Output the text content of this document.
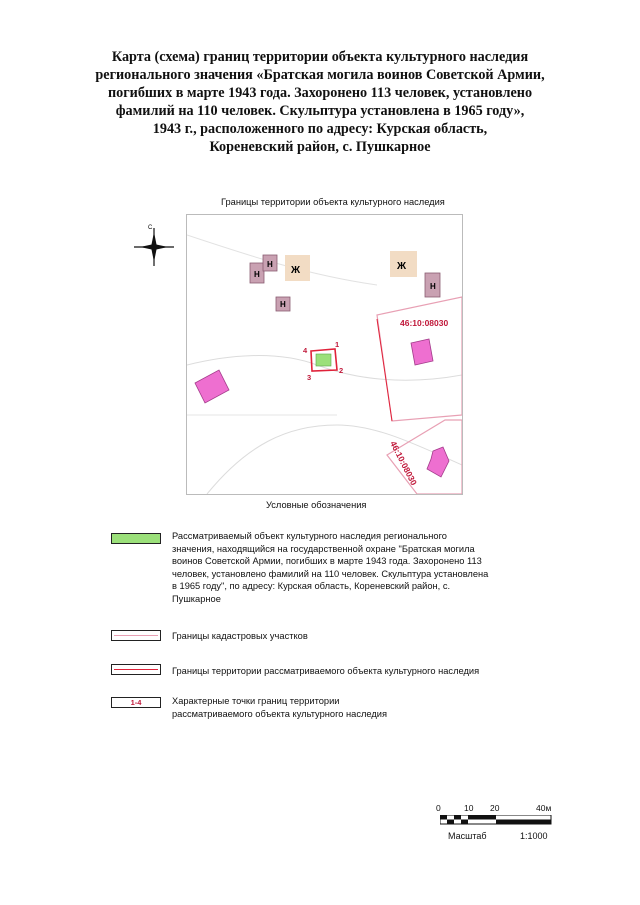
Карта (схема) границ территории объекта культурного наследия
регионального значения «Братская могила воинов Советской Армии,
погибших в марте 1943 года. Захоронено 113 человек, установлено
фамилий на 110 человек. Скульптура установлена в 1965 году»,
1943 г., расположенного по адресу: Курская область,
Кореневский район, с. Пушкарное
Границы территории объекта культурного наследия
С
Н
Н
Н
Н
Ж	Ж
46:10:08030
46:10:08030
1
2
3
4
Условные обозначения
Рассматриваемый объект культурного наследия регионального
значения, находящийся на государственной охране "Братская могила
воинов Советской Армии, погибших в марте 1943 года. Захоронено 113
человек, установлено фамилий на 110 человек. Скульптура установлена
в 1965 году", по адресу: Курская область, Кореневский район, с.
Пушкарное
Границы кадастровых участков
Границы территории рассматриваемого объекта культурного наследия
1-4	Характерные точки границ территории
рассматриваемого объекта культурного наследия
0	10 20	40м
Масштаб	1:1000
